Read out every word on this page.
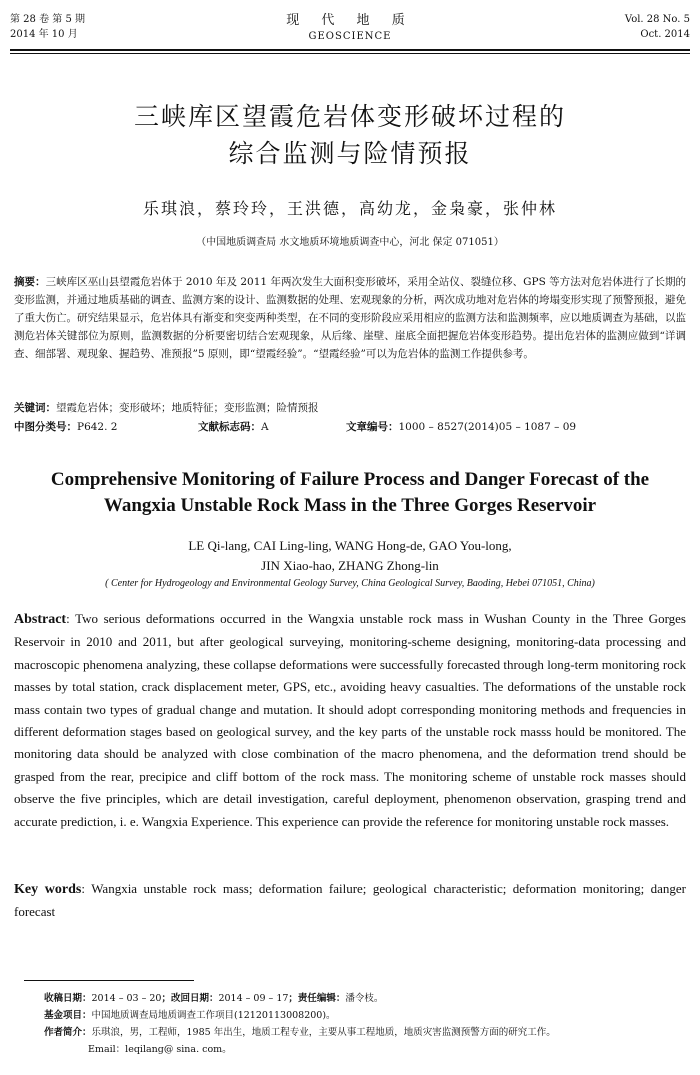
第 28 卷 第 5 期
2014 年 10 月
现 代 地 质
GEOSCIENCE
Vol. 28 No. 5
Oct. 2014
三峡库区望霞危岩体变形破坏过程的
综合监测与险情预报
乐琪浪，蔡玲玲，王洪德，高幼龙，金枭豪，张仲林
（中国地质调查局 水文地质环境地质调查中心，河北 保定 071051）
摘要：三峡库区巫山县望霞危岩体于 2010 年及 2011 年两次发生大面积变形破坏，采用全站仪、裂缝位移、GPS 等方法对危岩体进行了长期的变形监测，并通过地质基础的调查、监测方案的设计、监测数据的处理、宏观现象的分析，两次成功地对危岩体的垮塌变形实现了预警预报，避免了重大伤亡。研究结果显示，危岩体具有渐变和突变两种类型，在不同的变形阶段应采用相应的监测方法和监测频率，应以地质调查为基础，以监测危岩体关键部位为原则，监测数据的分析要密切结合宏观现象，从后缘、崖壁、崖底全面把握危岩体变形趋势。提出危岩体的监测应做到“详调查、细部署、观现象、握趋势、准预报”5 原则，即“望霞经验”。“望霞经验”可以为危岩体的监测工作提供参考。
关键词：望霞危岩体；变形破坏；地质特征；变形监测；险情预报
中图分类号：P642. 2	文献标志码：A	文章编号：1000 – 8527(2014)05 – 1087 – 09
Comprehensive Monitoring of Failure Process and Danger Forecast of the
Wangxia Unstable Rock Mass in the Three Gorges Reservoir
LE Qi-lang, CAI Ling-ling, WANG Hong-de, GAO You-long,
JIN Xiao-hao, ZHANG Zhong-lin
( Center for Hydrogeology and Environmental Geology Survey, China Geological Survey, Baoding, Hebei 071051, China)
Abstract: Two serious deformations occurred in the Wangxia unstable rock mass in Wushan County in the Three Gorges Reservoir in 2010 and 2011, but after geological surveying, monitoring-scheme designing, monitoring-data processing and macroscopic phenomena analyzing, these collapse deformations were successfully forecasted through long-term monitoring rock masses by total station, crack displacement meter, GPS, etc., avoiding heavy casualties. The deformations of the unstable rock mass contain two types of gradual change and mutation. It should adopt corresponding monitoring methods and frequencies in different deformation stages based on geological survey, and the key parts of the unstable rock masss hould be monitored. The monitoring data should be analyzed with close combination of the macro phenomena, and the deformation trend should be grasped from the rear, precipice and cliff bottom of the rock mass. The monitoring scheme of unstable rock masses should observe the five principles, which are detail investigation, careful deployment, phenomenon observation, grasping trend and accurate prediction, i. e. Wangxia Experience. This experience can provide the reference for monitoring unstable rock masses.
Key words: Wangxia unstable rock mass; deformation failure; geological characteristic; deformation monitoring; danger forecast
收稿日期：2014 – 03 – 20；改回日期：2014 – 09 – 17；责任编辑：潘令枝。
基金项目：中国地质调查局地质调查工作项目(12120113008200)。
作者简介：乐琪浪，男，工程师，1985 年出生，地质工程专业，主要从事工程地质，地质灾害监测预警方面的研究工作。
Email：leqilang@ sina. com。
